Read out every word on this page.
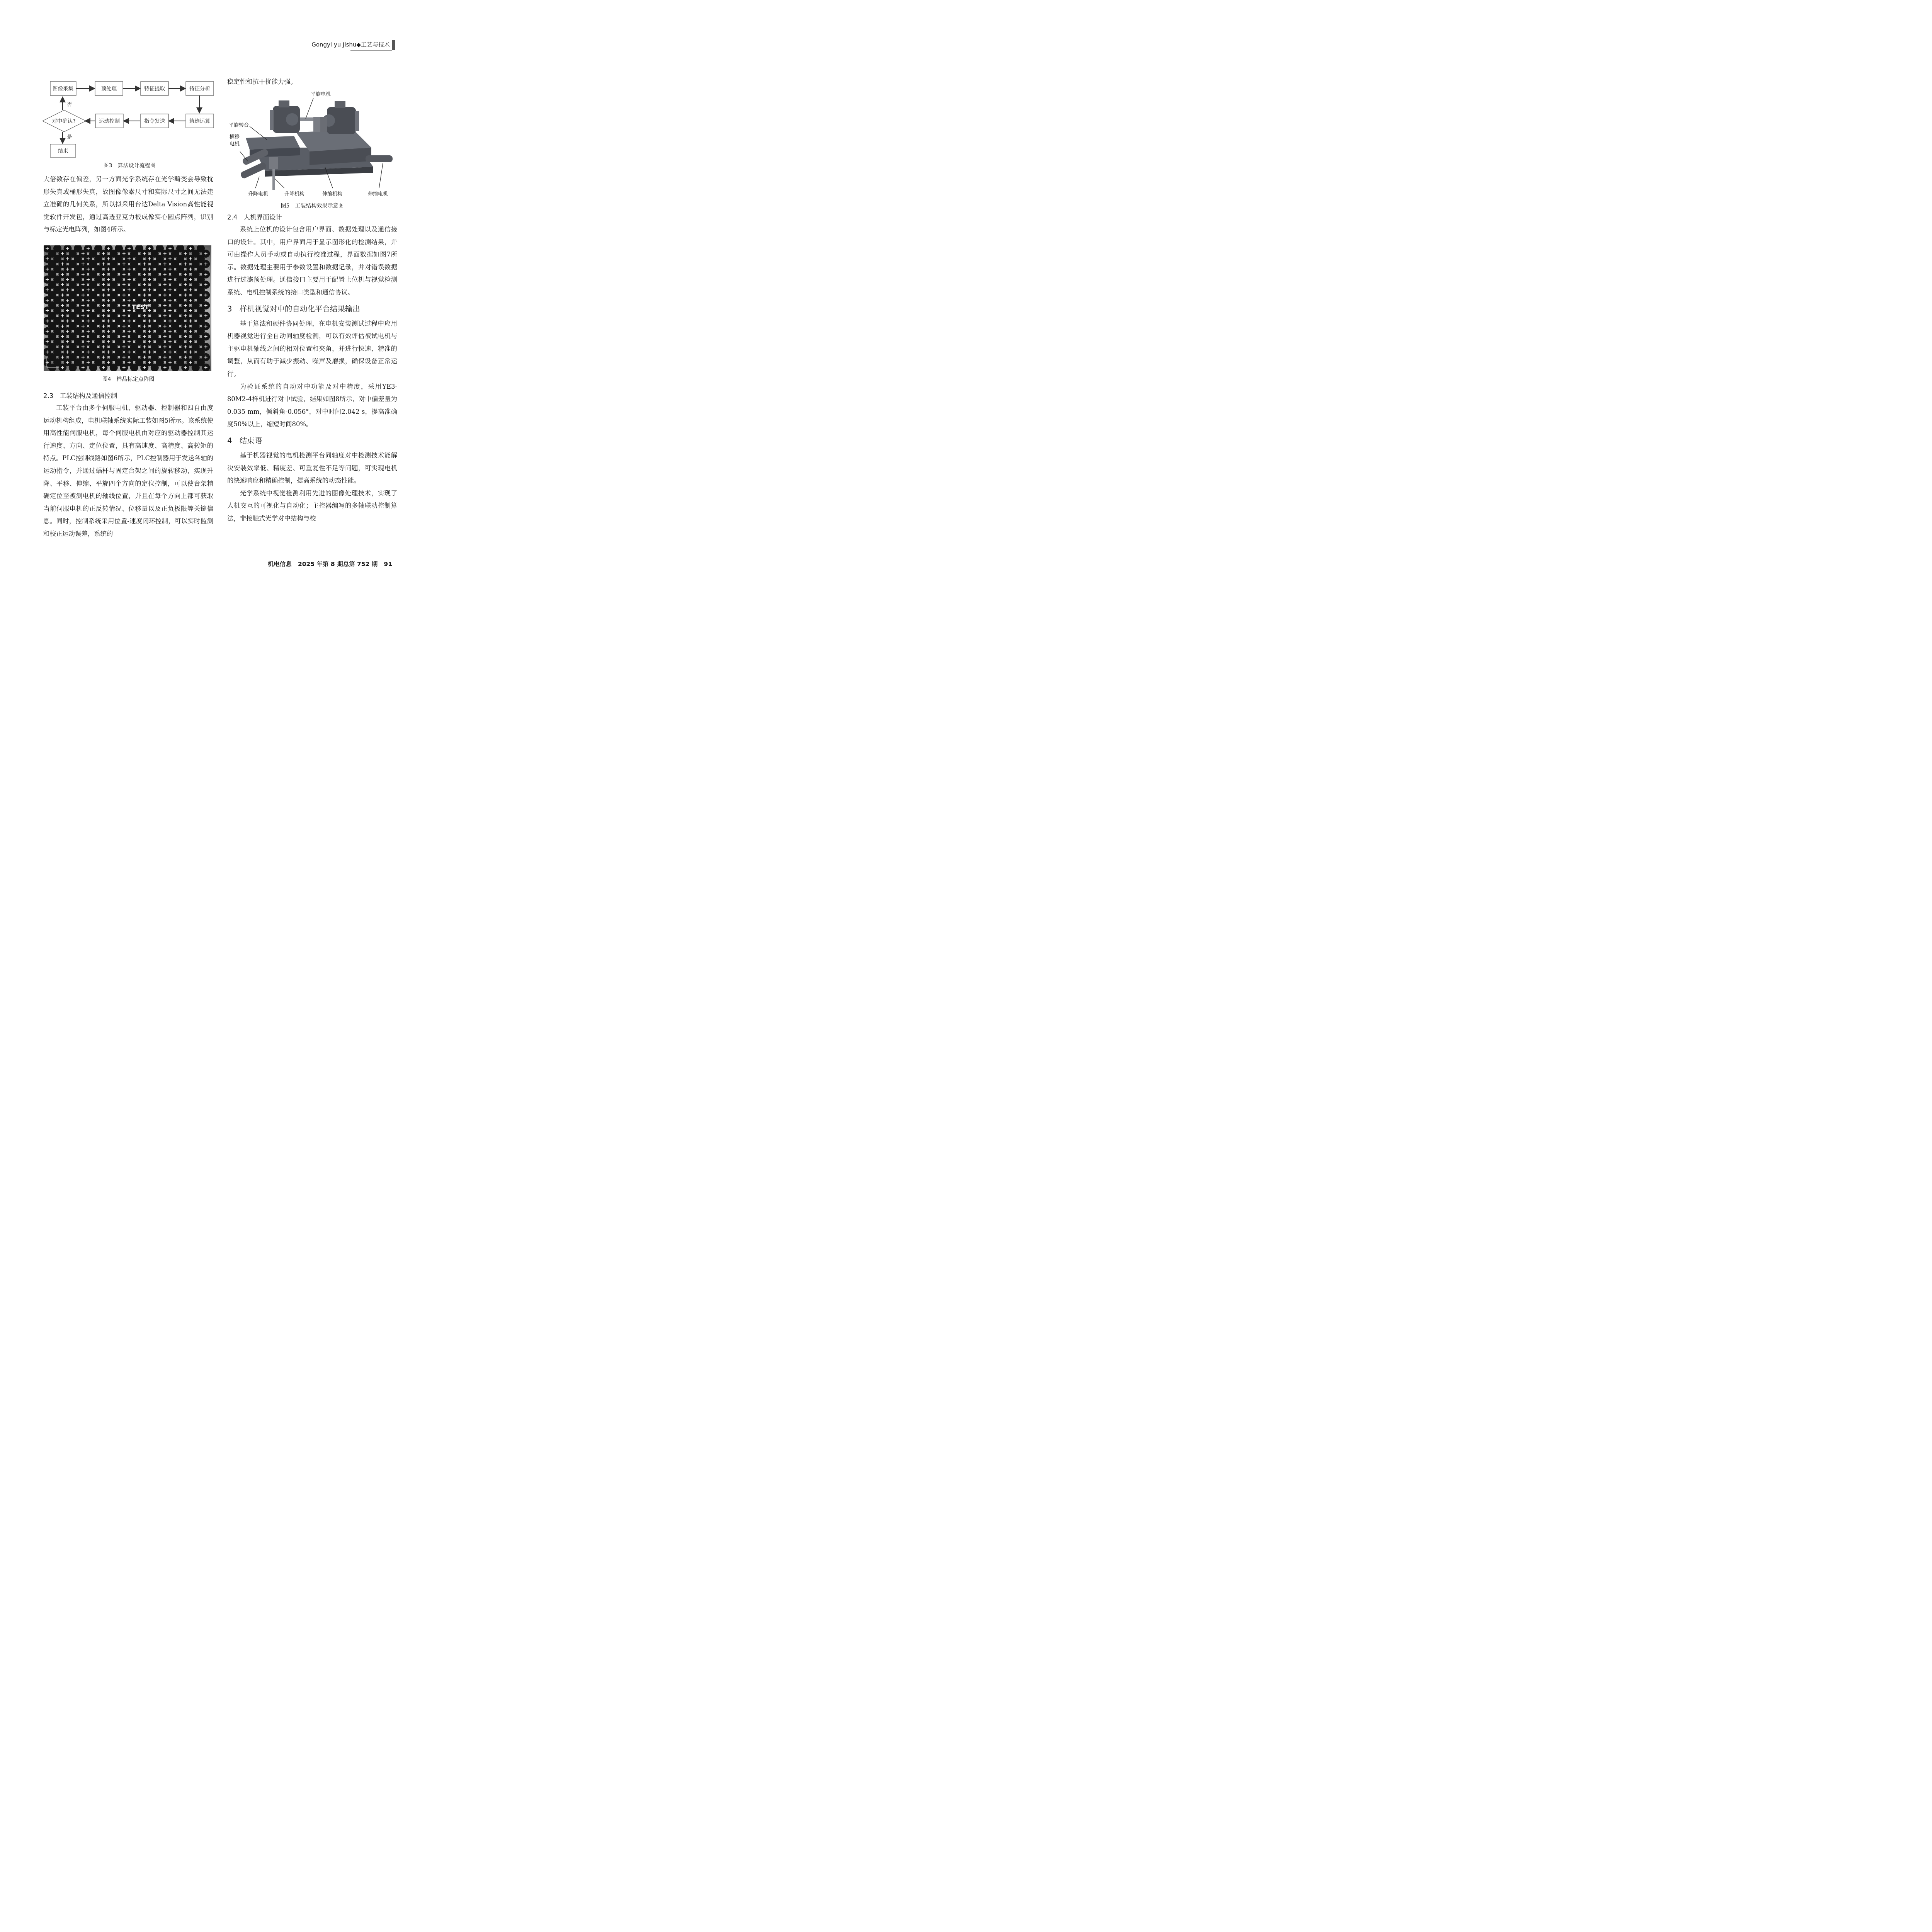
Gongyi yu Jishu◆工艺与技术
图像采集	预处理	特征提取	特征分析
轨迹运算
指令发送
运动控制
对中确认?
结束
否
是
图3　算法设计流程图

大倍数存在偏差，另一方面光学系统存在光学畸变会导致枕形失真或桶形失真，故图像像素尺寸和实际尺寸之间无法建立准确的几何关系，所以拟采用台达Delta Vision高性能视觉软件开发包，通过高透亚克力板成像实心圆点阵列，识别与标定光电阵列，如图4所示。

TEST
图4　样品标定点阵图
2.3　工装结构及通信控制

工装平台由多个伺服电机、驱动器、控制器和四自由度运动机构组成，电机联轴系统实际工装如图5所示。该系统使用高性能伺服电机，每个伺服电机由对应的驱动器控制其运行速度、方向、定位位置，具有高速度、高精度、高转矩的特点。PLC控制线路如图6所示，PLC控制器用于发送各轴的运动指令，并通过蜗杆与固定台架之间的旋转移动，实现升降、平移、伸缩、平旋四个方向的定位控制，可以使台架精确定位至被测电机的轴线位置，并且在每个方向上都可获取当前伺服电机的正反转情况、位移量以及正负极限等关键信息。同时，控制系统采用位置-速度闭环控制，可以实时监测和校正运动误差，系统的

稳定性和抗干扰能力强。

平旋电机
平旋转台
横移
电机
升降电机	升降机构	伸缩机构	伸缩电机
图5　工装结构效果示意图
2.4　人机界面设计

系统上位机的设计包含用户界面、数据处理以及通信接口的设计。其中，用户界面用于显示图形化的检测结果，并可由操作人员手动或自动执行校准过程，界面数据如图7所示。数据处理主要用于参数设置和数据记录，并对错误数据进行过滤预处理。通信接口主要用于配置上位机与视觉检测系统、电机控制系统的接口类型和通信协议。

3　样机视觉对中的自动化平台结果输出

基于算法和硬件协同处理，在电机安装测试过程中应用机器视觉进行全自动同轴度检测，可以有效评估被试电机与主驱电机轴线之间的相对位置和夹角，并进行快速、精准的调整，从而有助于减少振动、噪声及磨损，确保设备正常运行。

为验证系统的自动对中功能及对中精度，采用YE3-80M2-4样机进行对中试验，结果如图8所示，对中偏差量为0.035 mm，倾斜角-0.056°，对中时间2.042 s，提高准确度50%以上，缩短时间80%。

4　结束语

基于机器视觉的电机检测平台同轴度对中检测技术能解决安装效率低、精度差、可重复性不足等问题，可实现电机的快速响应和精确控制，提高系统的动态性能。

光学系统中视觉检测利用先进的图像处理技术，实现了人机交互的可视化与自动化；主控器编写的多轴联动控制算法，非接触式光学对中结构与校

机电信息 2025 年第 8 期总第 752 期 91
